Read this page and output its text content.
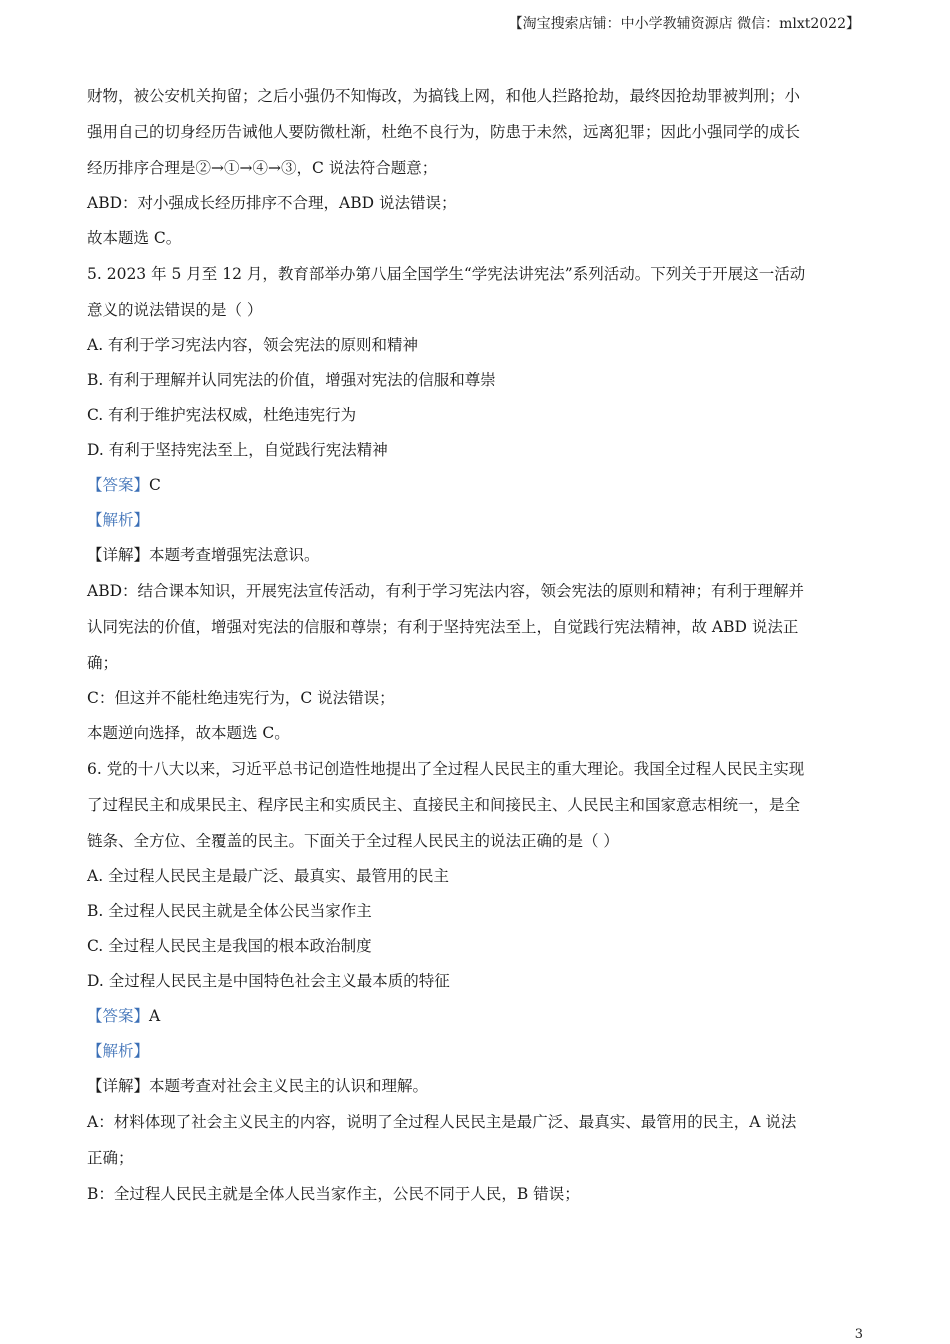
【淘宝搜索店铺：中小学教辅资源店 微信：mlxt2022】

财物，被公安机关拘留；之后小强仍不知悔改，为搞钱上网，和他人拦路抢劫，最终因抢劫罪被判刑；小

强用自己的切身经历告诫他人要防微杜渐，杜绝不良行为，防患于未然，远离犯罪；因此小强同学的成长

经历排序合理是②→①→④→③，C 说法符合题意；

ABD：对小强成长经历排序不合理，ABD 说法错误；

故本题选 C。

5. 2023 年 5 月至 12 月，教育部举办第八届全国学生“学宪法讲宪法”系列活动。下列关于开展这一活动

意义的说法错误的是（ ）

A. 有利于学习宪法内容，领会宪法的原则和精神

B. 有利于理解并认同宪法的价值，增强对宪法的信服和尊崇

C. 有利于维护宪法权威，杜绝违宪行为

D. 有利于坚持宪法至上，自觉践行宪法精神

【答案】C

【解析】

【详解】本题考查增强宪法意识。

ABD：结合课本知识，开展宪法宣传活动，有利于学习宪法内容，领会宪法的原则和精神；有利于理解并

认同宪法的价值，增强对宪法的信服和尊崇；有利于坚持宪法至上，自觉践行宪法精神，故 ABD 说法正

确；

C：但这并不能杜绝违宪行为，C 说法错误；

本题逆向选择，故本题选 C。

6. 党的十八大以来，习近平总书记创造性地提出了全过程人民民主的重大理论。我国全过程人民民主实现

了过程民主和成果民主、程序民主和实质民主、直接民主和间接民主、人民民主和国家意志相统一，是全

链条、全方位、全覆盖的民主。下面关于全过程人民民主的说法正确的是（ ）

A. 全过程人民民主是最广泛、最真实、最管用的民主

B. 全过程人民民主就是全体公民当家作主

C. 全过程人民民主是我国的根本政治制度

D. 全过程人民民主是中国特色社会主义最本质的特征

【答案】A

【解析】

【详解】本题考查对社会主义民主的认识和理解。

A：材料体现了社会主义民主的内容，说明了全过程人民民主是最广泛、最真实、最管用的民主，A 说法

正确；

B：全过程人民民主就是全体人民当家作主，公民不同于人民，B 错误；

3
